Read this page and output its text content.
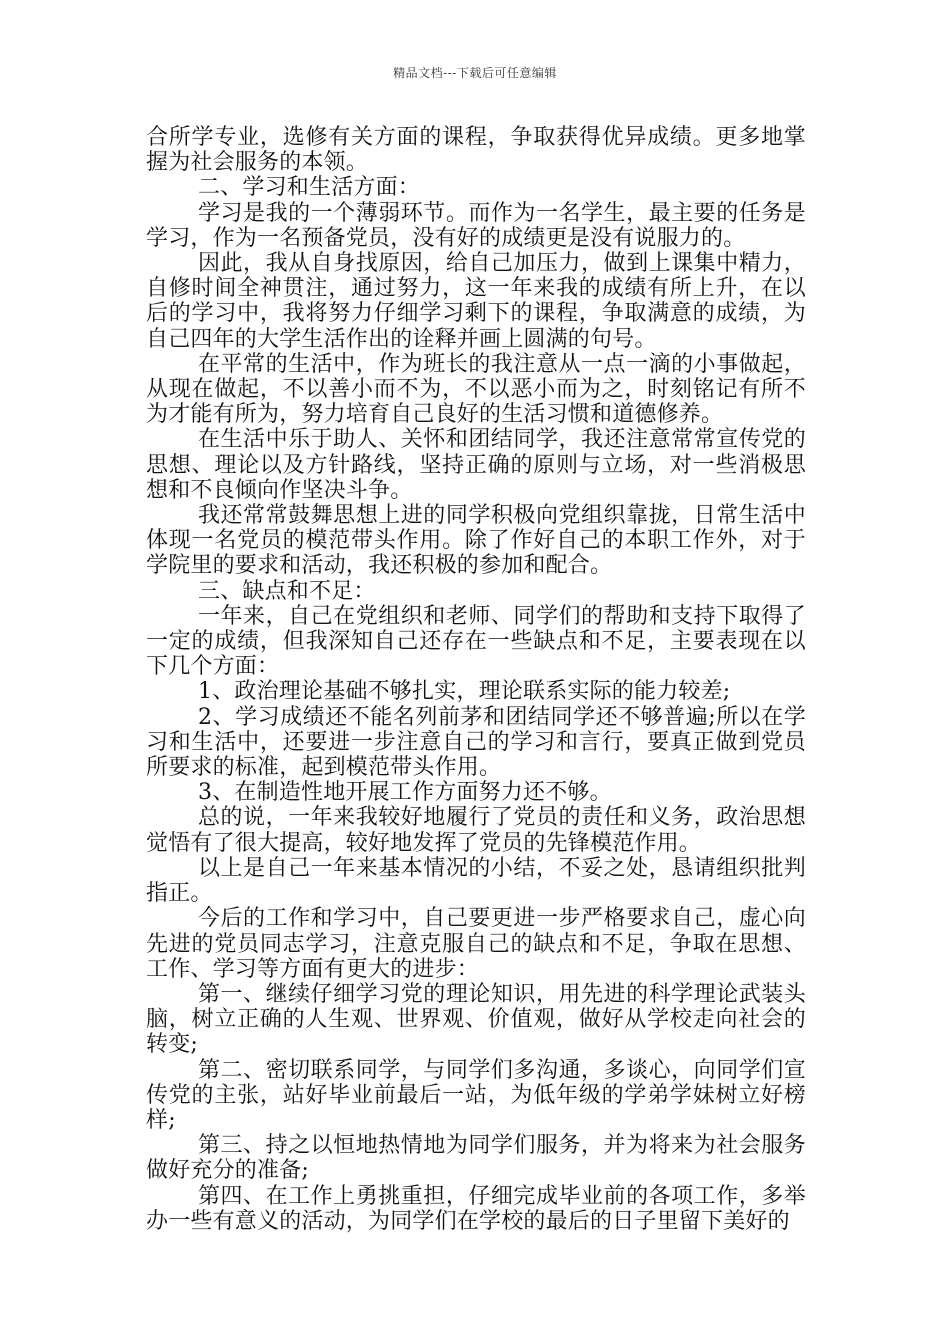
精品文档---下载后可任意编辑

合所学专业，选修有关方面的课程，争取获得优异成绩。更多地掌握为社会服务的本领。

二、学习和生活方面：

学习是我的一个薄弱环节。而作为一名学生，最主要的任务是学习，作为一名预备党员，没有好的成绩更是没有说服力的。

因此，我从自身找原因，给自己加压力，做到上课集中精力，自修时间全神贯注，通过努力，这一年来我的成绩有所上升，在以后的学习中，我将努力仔细学习剩下的课程，争取满意的成绩，为自己四年的大学生活作出的诠释并画上圆满的句号。

在平常的生活中，作为班长的我注意从一点一滴的小事做起，从现在做起，不以善小而不为，不以恶小而为之，时刻铭记有所不为才能有所为，努力培育自己良好的生活习惯和道德修养。

在生活中乐于助人、关怀和团结同学，我还注意常常宣传党的思想、理论以及方针路线，坚持正确的原则与立场，对一些消极思想和不良倾向作坚决斗争。

我还常常鼓舞思想上进的同学积极向党组织靠拢，日常生活中体现一名党员的模范带头作用。除了作好自己的本职工作外，对于学院里的要求和活动，我还积极的参加和配合。

三、缺点和不足：

一年来，自己在党组织和老师、同学们的帮助和支持下取得了一定的成绩，但我深知自己还存在一些缺点和不足，主要表现在以下几个方面：

1、政治理论基础不够扎实，理论联系实际的能力较差;

2、学习成绩还不能名列前茅和团结同学还不够普遍;所以在学习和生活中，还要进一步注意自己的学习和言行，要真正做到党员所要求的标准，起到模范带头作用。

3、在制造性地开展工作方面努力还不够。

总的说，一年来我较好地履行了党员的责任和义务，政治思想觉悟有了很大提高，较好地发挥了党员的先锋模范作用。

以上是自己一年来基本情况的小结，不妥之处，恳请组织批判指正。

今后的工作和学习中，自己要更进一步严格要求自己，虚心向先进的党员同志学习，注意克服自己的缺点和不足，争取在思想、工作、学习等方面有更大的进步：

第一、继续仔细学习党的理论知识，用先进的科学理论武装头脑，树立正确的人生观、世界观、价值观，做好从学校走向社会的转变;

第二、密切联系同学，与同学们多沟通，多谈心，向同学们宣传党的主张，站好毕业前最后一站，为低年级的学弟学妹树立好榜样;

第三、持之以恒地热情地为同学们服务，并为将来为社会服务做好充分的准备;

第四、在工作上勇挑重担，仔细完成毕业前的各项工作，多举办一些有意义的活动，为同学们在学校的最后的日子里留下美好的
